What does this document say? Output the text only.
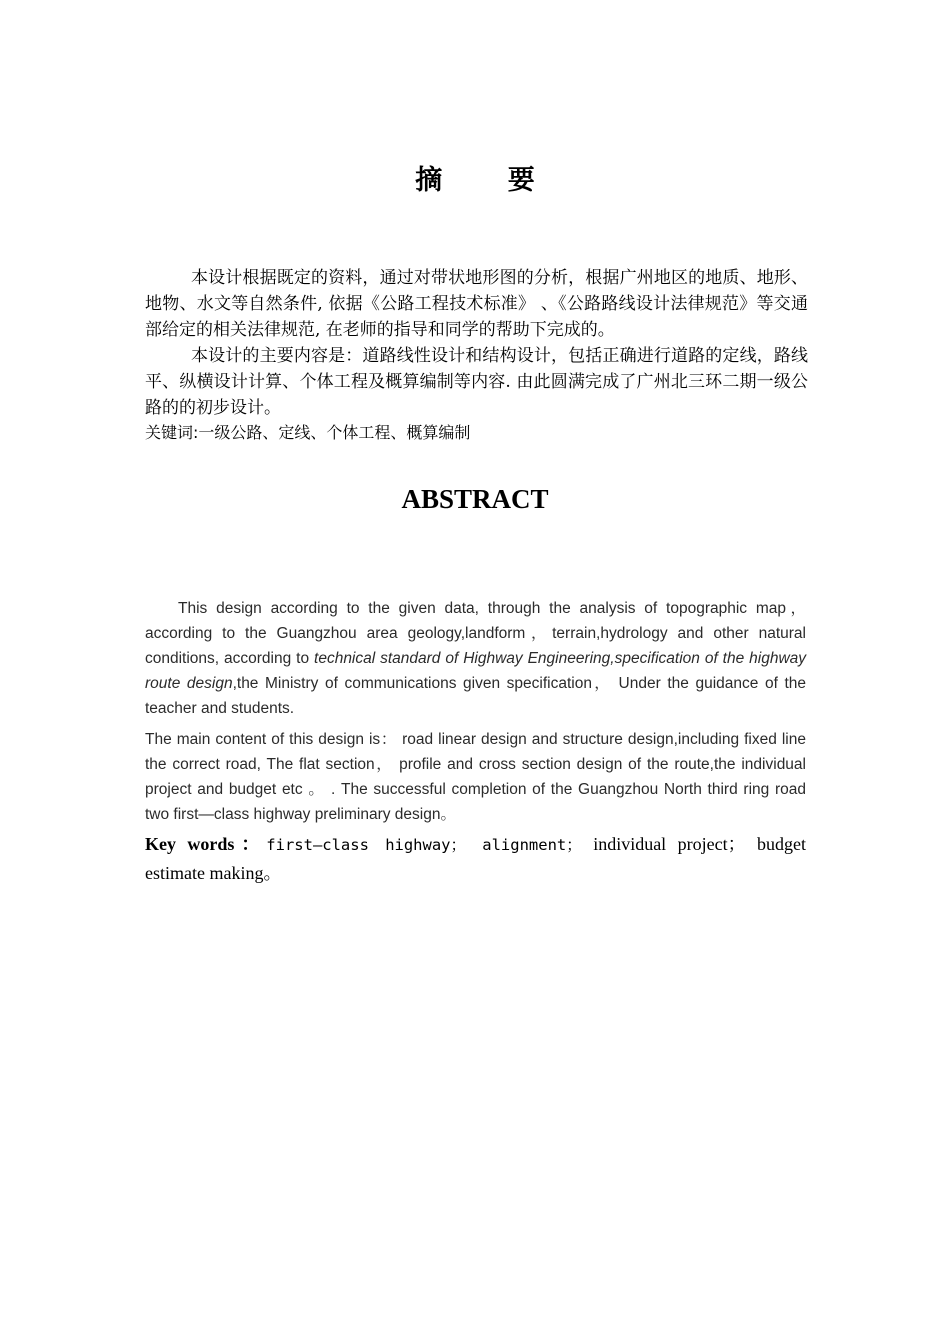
摘 要

本设计根据既定的资料，通过对带状地形图的分析，根据广州地区的地质、地形、地物、水文等自然条件, 依据《公路工程技术标准》 、《公路路线设计法律规范》等交通部给定的相关法律规范, 在老师的指导和同学的帮助下完成的。

本设计的主要内容是：道路线性设计和结构设计，包括正确进行道路的定线，路线平、纵横设计计算、个体工程及概算编制等内容. 由此圆满完成了广州北三环二期一级公路的的初步设计。

关键词:一级公路、定线、个体工程、概算编制
ABSTRACT

This design according to the given data, through the analysis of topographic map，according to the Guangzhou area geology,landform，terrain,hydrology and other natural conditions, according to technical standard of Highway Engineering,specification of the highway route design,the Ministry of communications given specification， Under the guidance of the teacher and students.

The main content of this design is： road linear design and structure design,including fixed line the correct road, The flat section， profile and cross section design of the route,the individual project and budget etc 。 . The successful completion of the Guangzhou North third ring road two first—class highway preliminary design。

Key words：first—class highway； alignment； individual project； budget estimate making。
